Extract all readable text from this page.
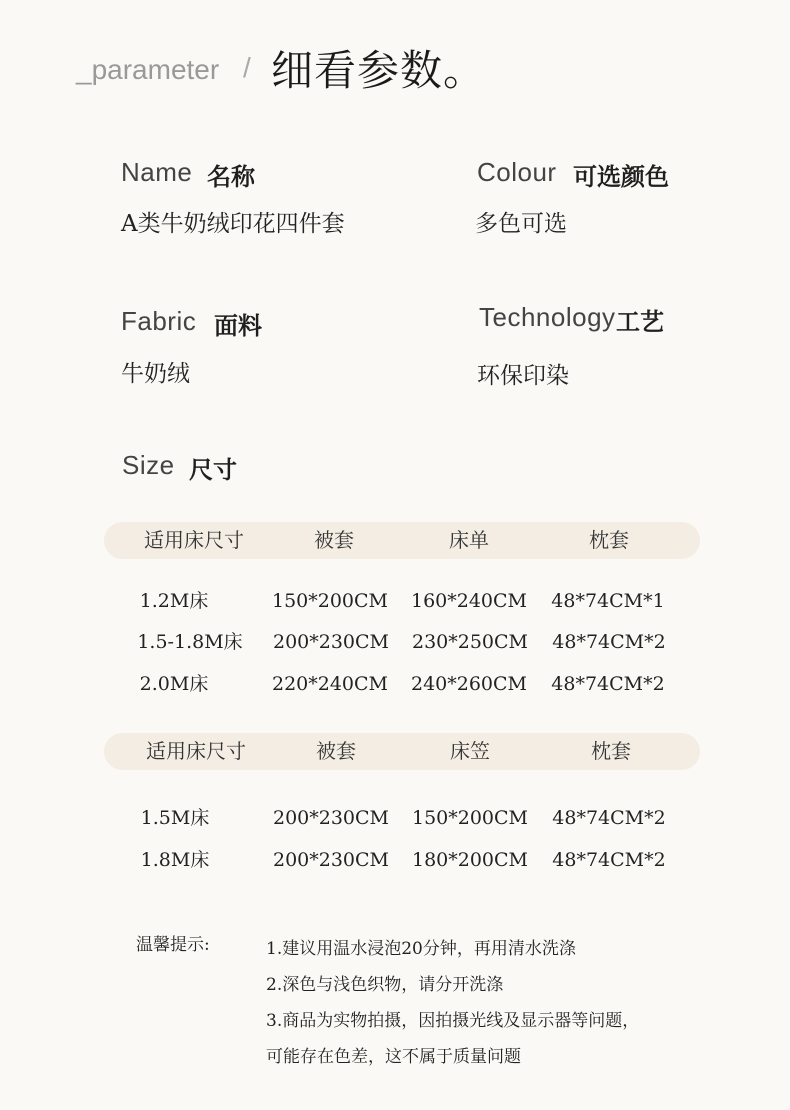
_parameter / 细看参数。
Name 名称
A类牛奶绒印花四件套
Colour 可选颜色
多色可选
Fabric 面料
牛奶绒
Technology 工艺
环保印染
Size 尺寸
适用床尺寸	被套	床单	枕套
1.2M床	150*200CM 160*240CM 48*74CM*1
1.5-1.8M床 200*230CM 230*250CM 48*74CM*2
2.0M床	220*240CM 240*260CM 48*74CM*2
适用床尺寸	被套	床笠	枕套
1.5M床	200*230CM 150*200CM 48*74CM*2
1.8M床	200*230CM 180*200CM 48*74CM*2
温馨提示:	1.建议用温水浸泡20分钟，再用清水洗涤
2.深色与浅色织物，请分开洗涤
3.商品为实物拍摄，因拍摄光线及显示器等问题，
可能存在色差，这不属于质量问题
